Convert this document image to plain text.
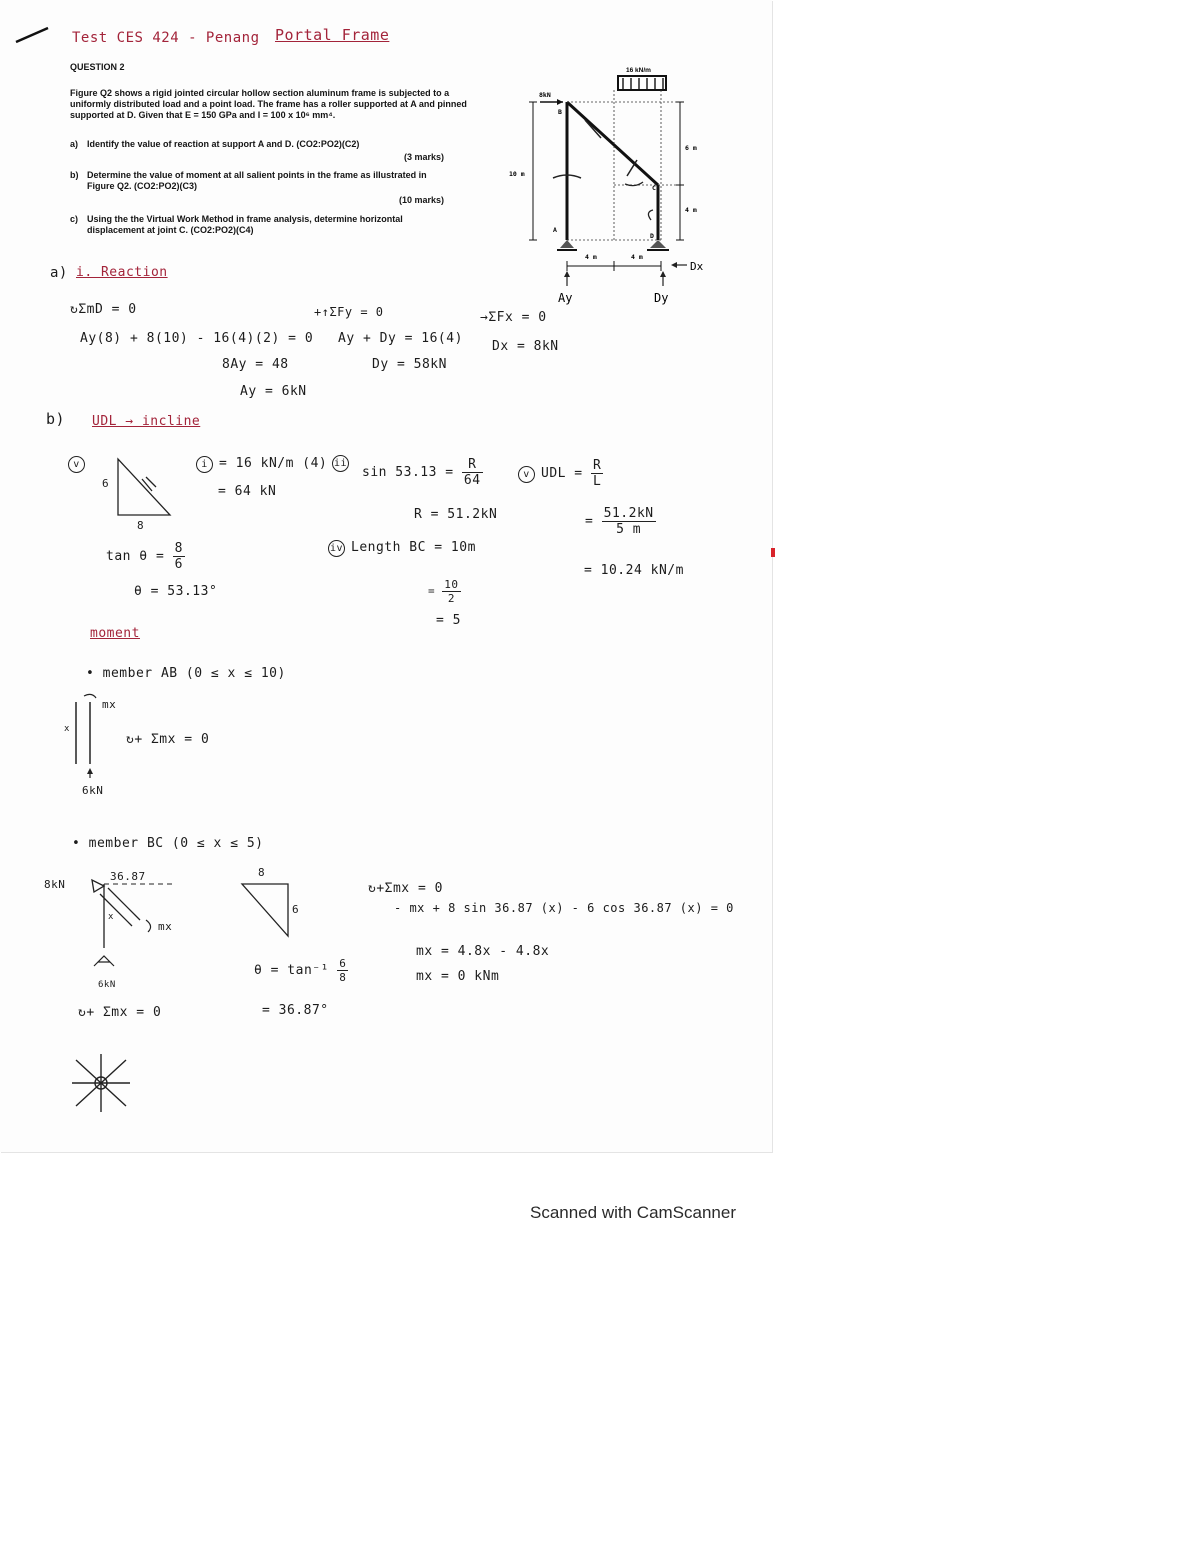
Test CES 424 - Penang Portal Frame
QUESTION 2
Figure Q2 shows a rigid jointed circular hollow section aluminum frame is subjected to a uniformly distributed load and a point load. The frame has a roller supported at A and pinned supported at D. Given that E = 150 GPa and I = 100 x 10⁶ mm⁴.
a) Identify the value of reaction at support A and D. (CO2:PO2)(C2)
(3 marks)
b) Determine the value of moment at all salient points in the frame as illustrated in Figure Q2. (CO2:PO2)(C3)
(10 marks)
c) Using the the Virtual Work Method in frame analysis, determine horizontal displacement at joint C. (CO2:PO2)(C4)
16 kN/m
8kN
B
C
A
D
10 m
6 m
4 m
4 m	4 m
Ay	Dy
Dx
a) i. Reaction
↻ΣmD = 0
Ay(8) + 8(10) - 16(4)(2) = 0
8Ay = 48
Ay = 6kN
+↑ΣFy = 0
Ay + Dy = 16(4)
Dy = 58kN
→ΣFx = 0
Dx = 8kN
b) UDL → incline
v
6
8
$\tan \theta = \frac{8}{6}$
θ = 53.13°
i = 16 kN/m (4)
= 64 kN
ii
$\sin 53.13 = \frac{R}{64}$
R = 51.2kN
iv Length BC = 10m
= $\frac{10}{2}$
= 5
v UDL = $\frac{R}{L}$
= $\frac{51.2kN}{5 m}$
= 10.24 kN/m
moment
• member AB (0 ≤ x ≤ 10)
mx
x
↻+ Σmx = 0
6kN
• member BC (0 ≤ x ≤ 5)
8kN
36.87
x
mx
6kN
↻+ Σmx = 0
8
6
$\theta = \tan^{-1} \frac{6}{8}$
= 36.87°
↻+Σmx = 0
- mx + 8 sin 36.87 (x) - 6 cos 36.87 (x) = 0
mx = 4.8x - 4.8x
mx = 0 kNm
Scanned with CamScanner
